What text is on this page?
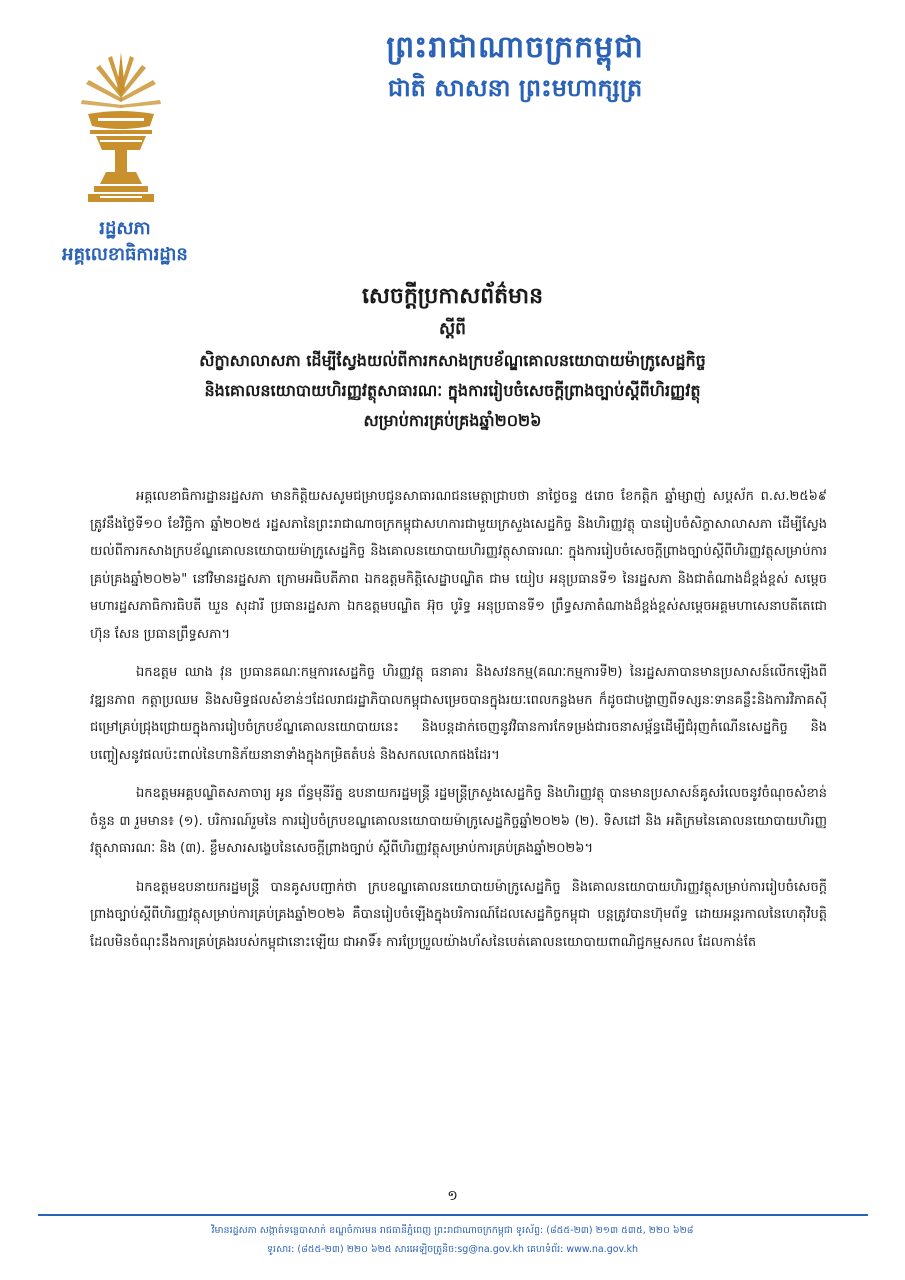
ព្រះរាជាណាចក្រកម្ពុជា
ជាតិ សាសនា ព្រះមហាក្សត្រ
រដ្ឋសភា
អគ្គលេខាធិការដ្ឋាន
សេចក្តីប្រកាសព័ត៌មាន
ស្តីពី
សិក្ខាសាលាសភា ដើម្បីស្វែងយល់ពីការកសាងក្របខ័ណ្ឌគោលនយោបាយម៉ាក្រូសេដ្ឋកិច្ច
និងគោលនយោបាយហិរញ្ញវត្ថុសាធារណៈ ក្នុងការរៀបចំសេចក្តីព្រាងច្បាប់ស្តីពីហិរញ្ញវត្ថុ
សម្រាប់ការគ្រប់គ្រងឆ្នាំ២០២៦

អគ្គលេខាធិការដ្ឋានរដ្ឋសភា មានកិត្តិយសសូមជម្រាបជូនសាធារណជនមេត្តាជ្រាបថា នាថ្ងៃចន្ទ ៥រោច ខែកត្តិក ឆ្នាំម្សាញ់ សប្តស័ក ព.ស.២៥៦៩ ត្រូវនឹងថ្ងៃទី១០ ខែវិច្ឆិកា ឆ្នាំ២០២៥ រដ្ឋសភានៃព្រះរាជាណាចក្រកម្ពុជាសហការជាមួយក្រសួងសេដ្ឋកិច្ច និងហិរញ្ញវត្ថុ បានរៀបចំសិក្ខាសាលាសភា ដើម្បីស្វែងយល់ពីការកសាងក្របខ័ណ្ឌគោលនយោបាយម៉ាក្រូសេដ្ឋកិច្ច និងគោលនយោបាយហិរញ្ញវត្ថុសាធារណៈ ក្នុងការរៀបចំសេចក្តីព្រាងច្បាប់ស្តីពីហិរញ្ញវត្ថុសម្រាប់ការគ្រប់គ្រងឆ្នាំ២០២៦" នៅវិមានរដ្ឋសភា ក្រោមអធិបតីភាព ឯកឧត្តមកិត្តិសេដ្ឋាបណ្ឌិត ជាម យៀប អនុប្រធានទី១ នៃរដ្ឋសភា និងជាតំណាងដ៏ខ្ពង់ខ្ពស់ សម្តេចមហារដ្ឋសភាធិការធិបតី ឃួន សុដារី ប្រធានរដ្ឋសភា ឯកឧត្តមបណ្ឌិត អ៊ុច បូរិទ្ធ អនុប្រធានទី១ ព្រឹទ្ធសភាតំណាងដ៏ខ្ពង់ខ្ពស់សម្តេចអគ្គមហាសេនាបតីតេជោ ហ៊ុន សែន ប្រធានព្រឹទ្ធសភា។

ឯកឧត្តម ឈាង វុន ប្រធានគណៈកម្មការសេដ្ឋកិច្ច ហិរញ្ញវត្ថុ ធនាគារ និងសវនកម្ម(គណៈកម្មការទី២) នៃរដ្ឋសភាបានមានប្រសាសន៍លើកឡើងពីវឌ្ឍនភាព កត្តាប្រឈម និងសមិទ្ធផលសំខាន់ៗដែលរាជរដ្ឋាភិបាលកម្ពុជាសម្រេចបានក្នុងរយៈពេលកន្លងមក ក៏ដូចជាបង្ហាញពីទស្សនៈទានគន្លឹះនិងការវិភាគស៊ីជម្រៅគ្រប់ជ្រុងជ្រោយក្នុងការរៀបចំក្របខ័ណ្ឌគោលនយោបាយនេះ និងបន្តដាក់ចេញនូវវិធានការកែទម្រង់ជារចនាសម្ព័ន្ធដើម្បីជំរុញកំណើនសេដ្ឋកិច្ច និងបញ្ចៀសនូវផលប៉ះពាល់នៃហានិភ័យនានាទាំងក្នុងកម្រិតតំបន់ និងសកលលោកផងដែរ។

ឯកឧត្តមអគ្គបណ្ឌិតសភាចារ្យ អូន ព័ន្ធមុនីរ័ត្ន ឧបនាយករដ្ឋមន្ត្រី រដ្ឋមន្ត្រីក្រសួងសេដ្ឋកិច្ច និងហិរញ្ញវត្ថុ បានមានប្រសាសន៍គូសរំលេចនូវចំណុចសំខាន់ ចំនួន ៣ រួមមាន៖ (១). បរិការណ៍រួមនៃ ការរៀបចំក្របខណ្ឌគោលនយោបាយម៉ាក្រូសេដ្ឋកិច្ចឆ្នាំ២០២៦ (២). ទិសដៅ និង អតិក្រមនៃគោលនយោបាយហិរញ្ញវត្ថុសាធារណៈ និង (៣). ខ្លឹមសារសង្ខេបនៃសេចក្តីព្រាងច្បាប់ ស្តីពីហិរញ្ញវត្ថុសម្រាប់ការគ្រប់គ្រងឆ្នាំ២០២៦។

ឯកឧត្តមឧបនាយករដ្ឋមន្ត្រី បានគូសបញ្ជាក់ថា ក្របខណ្ឌគោលនយោបាយម៉ាក្រូសេដ្ឋកិច្ច និងគោលនយោបាយហិរញ្ញវត្ថុសម្រាប់ការរៀបចំសេចក្តីព្រាងច្បាប់ស្តីពីហិរញ្ញវត្ថុសម្រាប់ការគ្រប់គ្រងឆ្នាំ២០២៦ គឺបានរៀបចំឡើងក្នុងបរិការណ៍ដែលសេដ្ឋកិច្ចកម្ពុជា បន្តត្រូវបានហ៊ុមព័ទ្ធ ដោយអន្តរកាលនៃហេតុវិបត្តិ ដែលមិនចំណុះនឹងការគ្រប់គ្រងរបស់កម្ពុជានោះឡើយ ជាអាទិ៍៖ ការប្រែប្រួលយ៉ាងហ័សនៃបេត់គោលនយោបាយពាណិជ្ជកម្មសកល ដែលកាន់តែ

១
វិមានរដ្ឋសភា សង្កាត់ទន្លេបាសាក់ ខណ្ឌចំការមន រាជធានីភ្នំពេញ ព្រះរាជាណាចក្រកម្ពុជា ទូរស័ព្ទ: (៨៥៥-២៣) ២១៣ ៥៣៥, ២២០ ៦២៨
ទូរសារ: (៨៥៥-២៣) ២២០ ៦២៥ សារអេឡិចត្រូនិច:sg@na.gov.kh គេហទំព័រ: www.na.gov.kh
